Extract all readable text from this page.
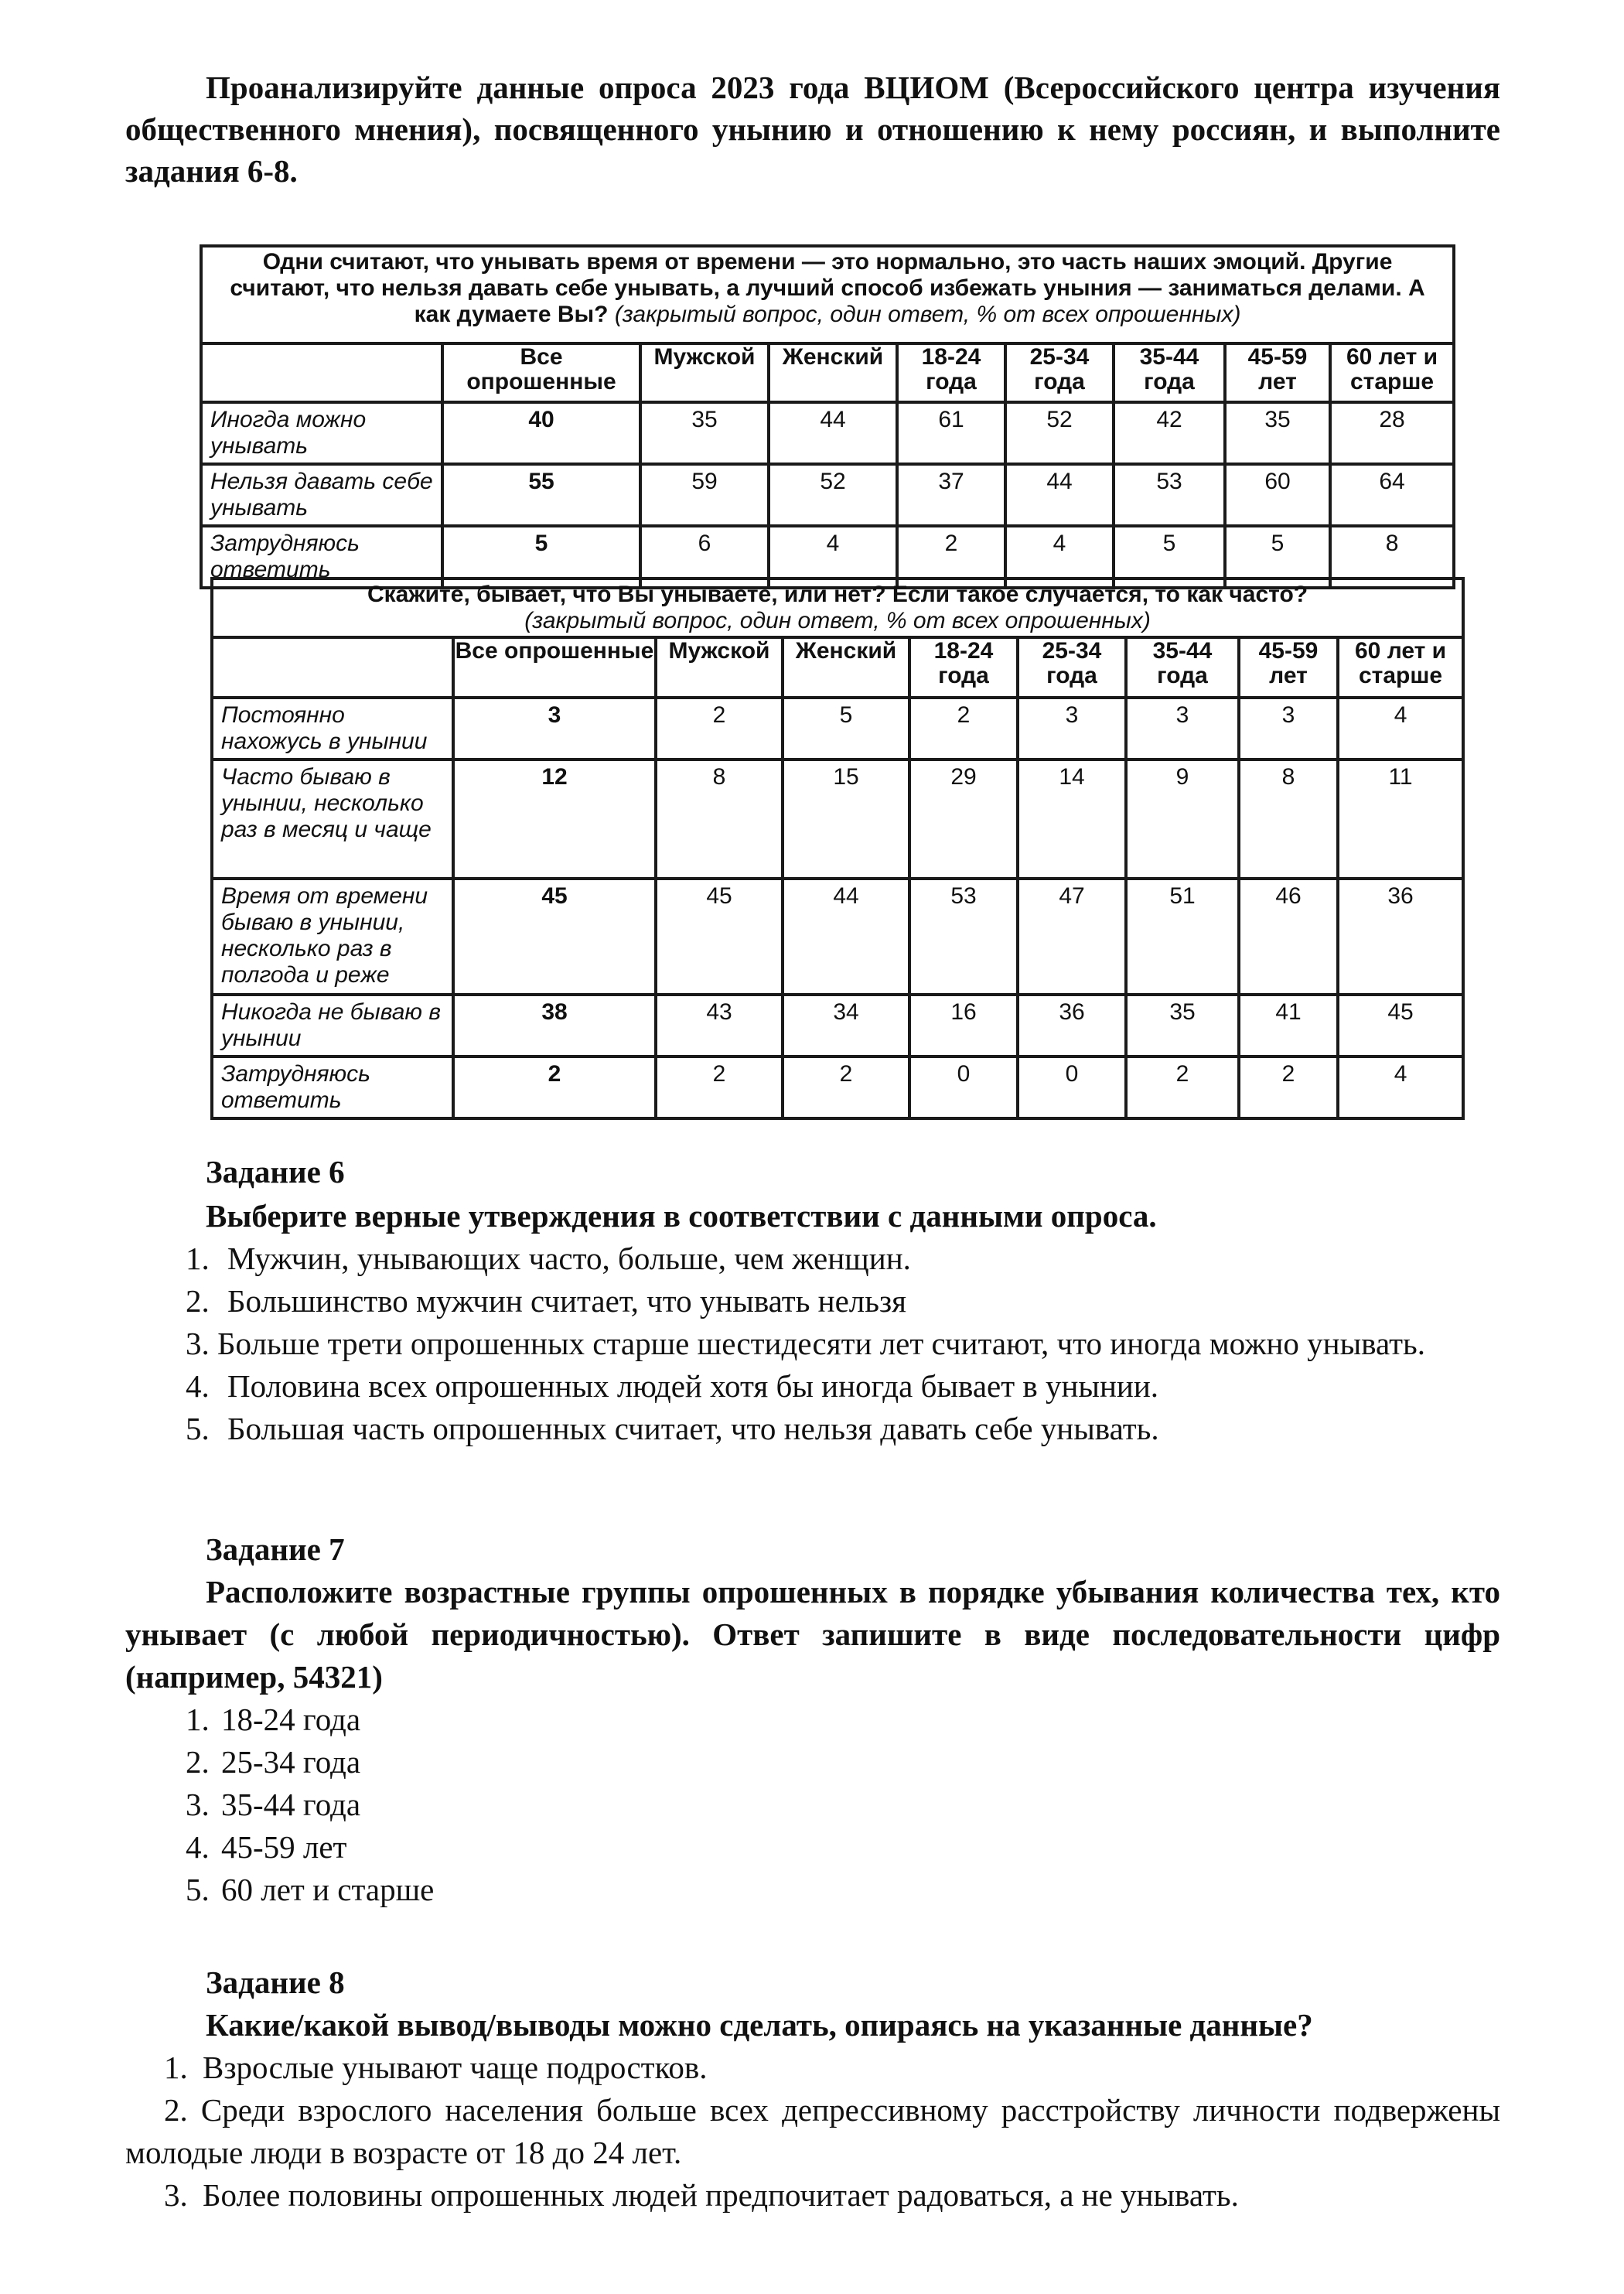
Проанализируйте данные опроса 2023 года ВЦИОМ (Всероссийского центра изучения общественного мнения), посвященного унынию и отношению к нему россиян, и выполните задания 6-8.
Одни считают, что унывать время от времени — это нормально, это часть наших эмоций. Другие считают, что нельзя давать себе унывать, а лучший способ избежать уныния — заниматься делами. А как думаете Вы? (закрытый вопрос, один ответ, % от всех опрошенных)								
	Все опрошенные	Мужской	Женский	18-24 года	25-34 года	35-44 года	45-59 лет	60 лет и старше
Иногда можно унывать	40	35	44	61	52	42	35	28
Нельзя давать себе унывать	55	59	52	37	44	53	60	64
Затрудняюсь ответить	5	6	4	2	4	5	5	8
Скажите, бывает, что Вы унываете, или нет? Если такое случается, то как часто?
(закрытый вопрос, один ответ, % от всех опрошенных)								
	Все опрошенные	Мужской	Женский	18-24 года	25-34 года	35-44 года	45-59 лет	60 лет и старше
Постоянно нахожусь в унынии	3	2	5	2	3	3	3	4
Часто бываю в унынии, несколько раз в месяц и чаще	12	8	15	29	14	9	8	11
Время от времени бываю в унынии, несколько раз в полгода и реже	45	45	44	53	47	51	46	36
Никогда не бываю в унынии	38	43	34	16	36	35	41	45
Затрудняюсь ответить	2	2	2	0	0	2	2	4
Задание 6
Выберите верные утверждения в соответствии с данными опроса.
1. Мужчин, унывающих часто, больше, чем женщин.
2. Большинство мужчин считает, что унывать нельзя
3. Больше трети опрошенных старше шестидесяти лет считают, что иногда можно унывать.
4. Половина всех опрошенных людей хотя бы иногда бывает в унынии.
5. Большая часть опрошенных считает, что нельзя давать себе унывать.
Задание 7
Расположите возрастные группы опрошенных в порядке убывания количества тех, кто унывает (с любой периодичностью). Ответ запишите в виде последовательности цифр (например, 54321)
1. 18-24 года
2. 25-34 года
3. 35-44 года
4. 45-59 лет
5. 60 лет и старше
Задание 8
Какие/какой вывод/выводы можно сделать, опираясь на указанные данные?
1. Взрослые унывают чаще подростков.
2. Среди взрослого населения больше всех депрессивному расстройству личности подвержены молодые люди в возрасте от 18 до 24 лет.
3. Более половины опрошенных людей предпочитает радоваться, а не унывать.
